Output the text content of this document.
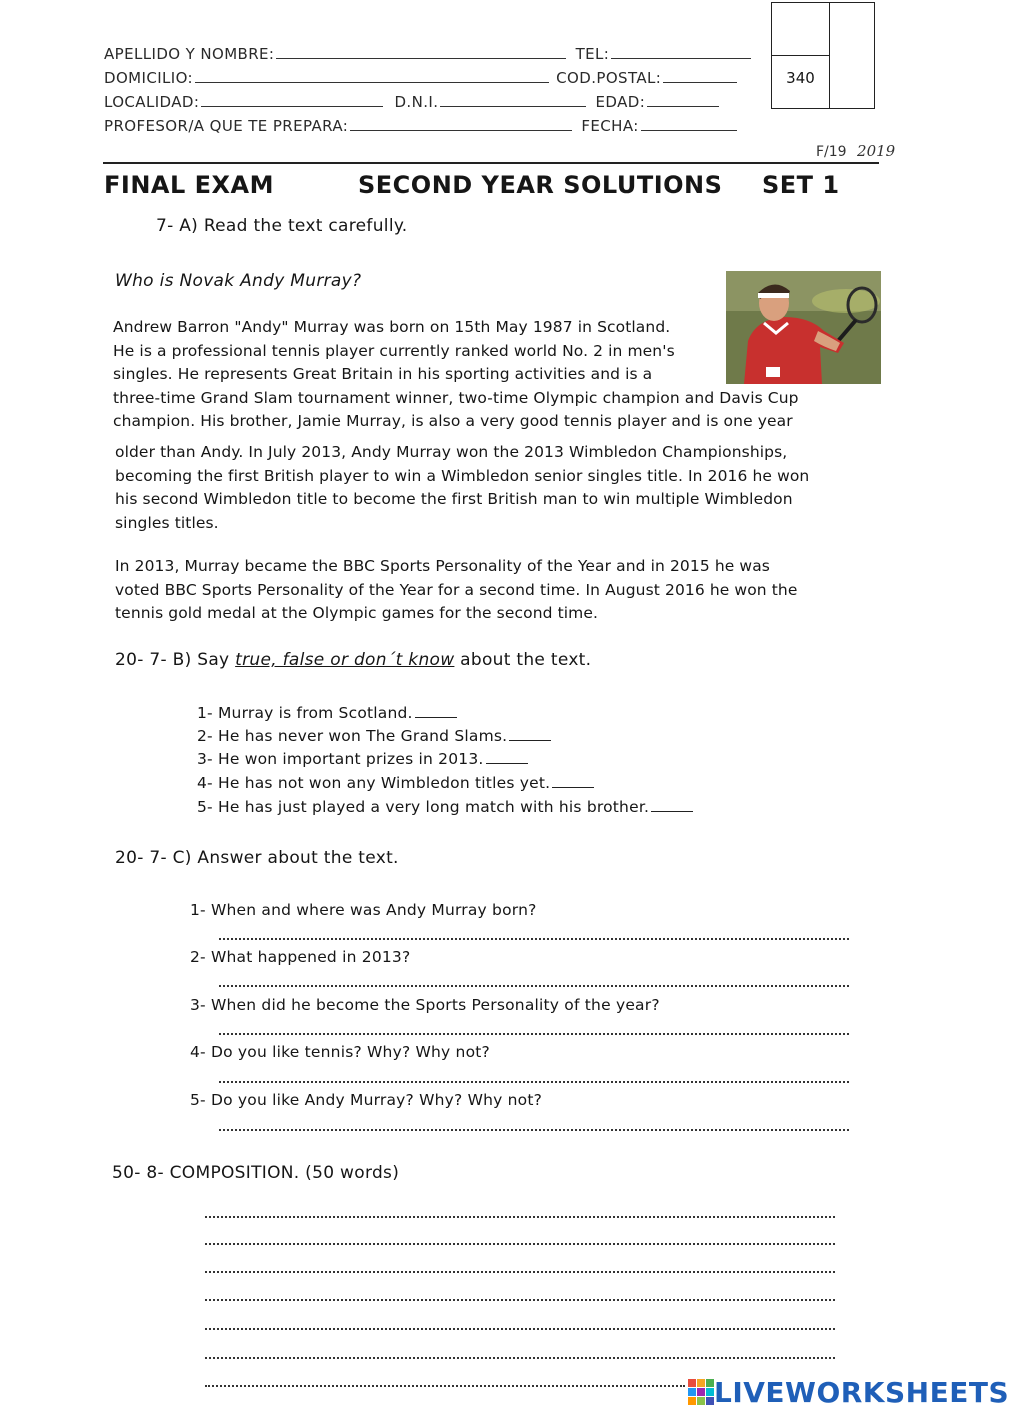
APELLIDO Y NOMBRE:	TEL:
DOMICILIO:	COD.POSTAL:
LOCALIDAD:	D.N.I.	EDAD:
PROFESOR/A QUE TE PREPARA:	FECHA:
340
F/19 2019
FINAL EXAM	SECOND YEAR SOLUTIONS SET 1
7- A) Read the text carefully.
Who is Novak Andy Murray?

Andrew Barron "Andy" Murray was born on 15th May 1987 in Scotland.

He is a professional tennis player currently ranked world No. 2 in men's

singles. He represents Great Britain in his sporting activities and is a

three-time Grand Slam tournament winner, two-time Olympic champion and Davis Cup

champion. His brother, Jamie Murray, is also a very good tennis player and is one year

older than Andy. In July 2013, Andy Murray won the 2013 Wimbledon Championships,

becoming the first British player to win a Wimbledon senior singles title. In 2016 he won

his second Wimbledon title to become the first British man to win multiple Wimbledon

singles titles.

In 2013, Murray became the BBC Sports Personality of the Year and in 2015 he was

voted BBC Sports Personality of the Year for a second time. In August 2016 he won the

tennis gold medal at the Olympic games for the second time.

20- 7- B) Say true, false or don´t know about the text.
1- Murray is from Scotland.
2- He has never won The Grand Slams.
3- He won important prizes in 2013.
4- He has not won any Wimbledon titles yet.
5- He has just played a very long match with his brother.
20- 7- C) Answer about the text.
1- When and where was Andy Murray born?
2- What happened in 2013?
3- When did he become the Sports Personality of the year?
4- Do you like tennis? Why? Why not?
5- Do you like Andy Murray? Why? Why not?
50- 8- COMPOSITION. (50 words)
LIVEWORKSHEETS
